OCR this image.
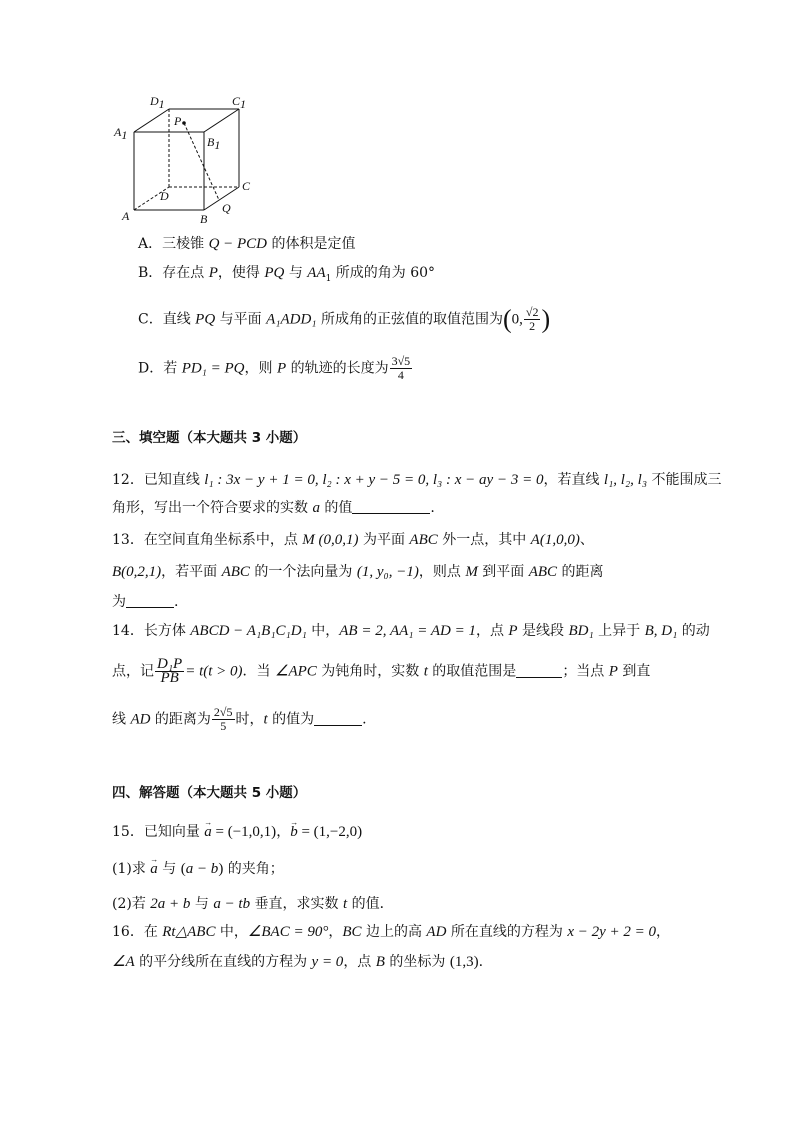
D1	C1
A1	B1
P
D
C
A	B
Q
A．三棱锥 Q − PCD 的体积是定值
B．存在点 P，使得 PQ 与 $AA_1$ 所成的角为 60°
C．直线 PQ 与平面 A₁ADD₁ 所成角的正弦值的取值范围为(0, $\frac{√2}{2}$ )
D．若 PD₁ = PQ，则 P 的轨迹的长度为 $\frac{3√5}{4}$
三、填空题（本大题共 3 小题）
12．已知直线 l₁ : 3x − y + 1 = 0, l₂ : x + y − 5 = 0, l₃ : x − ay − 3 = 0，若直线 l₁, l₂, l₃ 不能围成三
角形，写出一个符合要求的实数 a 的值	.
13．在空间直角坐标系中，点 M (0,0,1) 为平面 ABC 外一点，其中 A(1,0,0)、
B(0,2,1)，若平面 ABC 的一个法向量为 (1, y₀, −1)，则点 M 到平面 ABC 的距离
为	.
14．长方体 ABCD − A₁B₁C₁D₁ 中，AB = 2, AA₁ = AD = 1，点 P 是线段 BD₁ 上异于 B, D₁ 的动
点，记 $\frac{\text{D₁P}}{PB} = t(t > 0)$．当 ∠APC 为钝角时，实数 t 的取值范围是	；当点 P 到直
线 AD 的距离为 $\frac{2√5}{5}$ 时，t 的值为	.
四、解答题（本大题共 5 小题）
15．已知向量 → a = (−1,0,1)，→ b = (1,−2,0)
(1)求 → a 与 (a − b) 的夹角；
(2)若 2a + b 与 a − tb 垂直，求实数 t 的值．
16．在 Rt△ABC 中，∠BAC = 90°，BC 边上的高 AD 所在直线的方程为 x − 2y + 2 = 0，
∠A 的平分线所在直线的方程为 y = 0，点 B 的坐标为 (1,3).
